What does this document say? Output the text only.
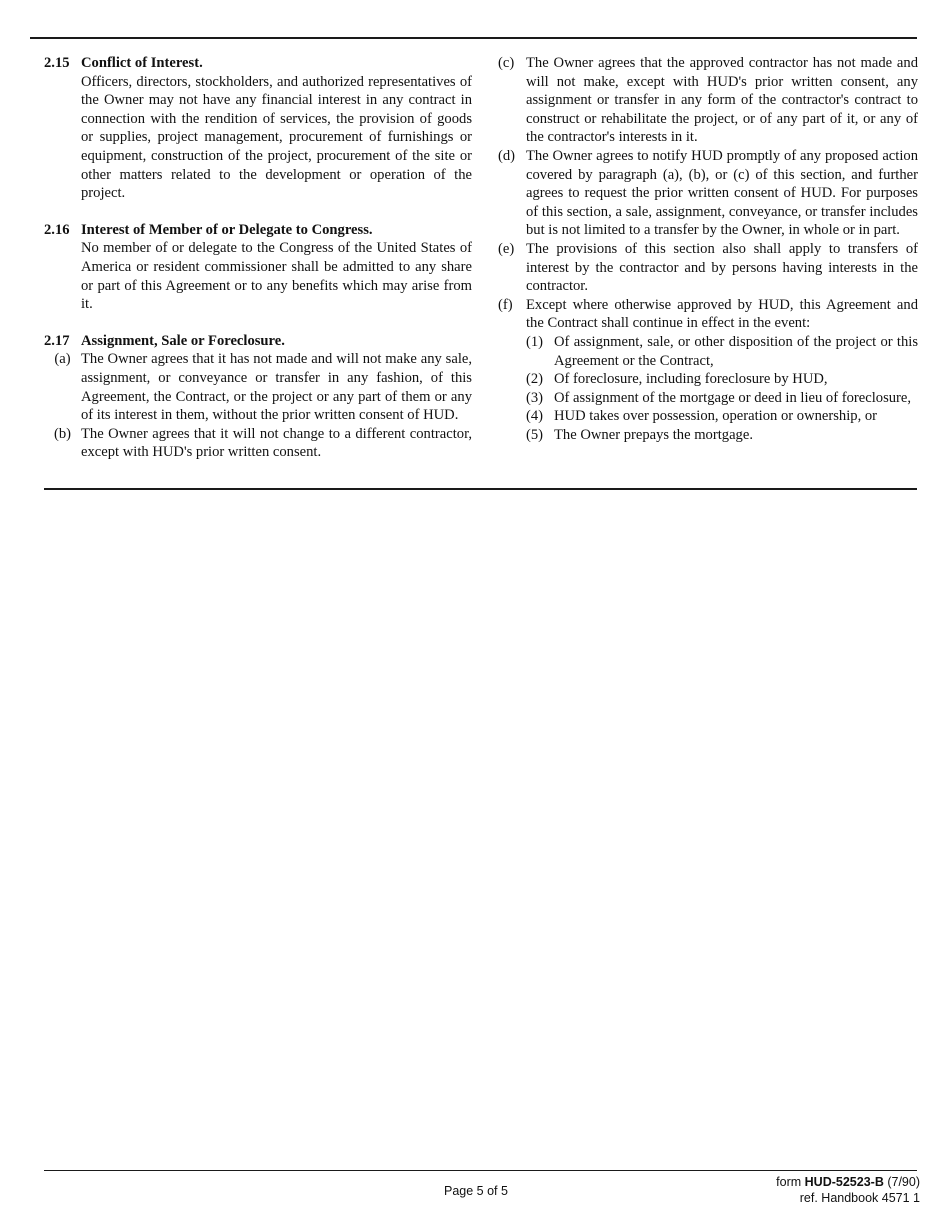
2.15 Conflict of Interest.
Officers, directors, stockholders, and authorized representatives of the Owner may not have any financial interest in any contract in connection with the rendition of services, the provision of goods or supplies, project management, procurement of furnishings or equipment, construction of the project, procurement of the site or other matters related to the development or operation of the project.
2.16 Interest of Member of or Delegate to Congress.
No member of or delegate to the Congress of the United States of America or resident commissioner shall be admitted to any share or part of this Agreement or to any benefits which may arise from it.
2.17 Assignment, Sale or Foreclosure.
(a) The Owner agrees that it has not made and will not make any sale, assignment, or conveyance or transfer in any fashion, of this Agreement, the Contract, or the project or any part of them or any of its interest in them, without the prior written consent of HUD.
(b) The Owner agrees that it will not change to a different contractor, except with HUD's prior written consent.
(c) The Owner agrees that the approved contractor has not made and will not make, except with HUD's prior written consent, any assignment or transfer in any form of the contractor's contract to construct or rehabilitate the project, or of any part of it, or any of the contractor's interests in it.
(d) The Owner agrees to notify HUD promptly of any proposed action covered by paragraph (a), (b), or (c) of this section, and further agrees to request the prior written consent of HUD. For purposes of this section, a sale, assignment, conveyance, or transfer includes but is not limited to a transfer by the Owner, in whole or in part.
(e) The provisions of this section also shall apply to transfers of interest by the contractor and by persons having interests in the contractor.
(f) Except where otherwise approved by HUD, this Agreement and the Contract shall continue in effect in the event:
(1) Of assignment, sale, or other disposition of the project or this Agreement or the Contract,
(2) Of foreclosure, including foreclosure by HUD,
(3) Of assignment of the mortgage or deed in lieu of foreclosure,
(4) HUD takes over possession, operation or ownership, or
(5) The Owner prepays the mortgage.
Page 5 of 5
form HUD-52523-B (7/90)
ref. Handbook 4571 1
